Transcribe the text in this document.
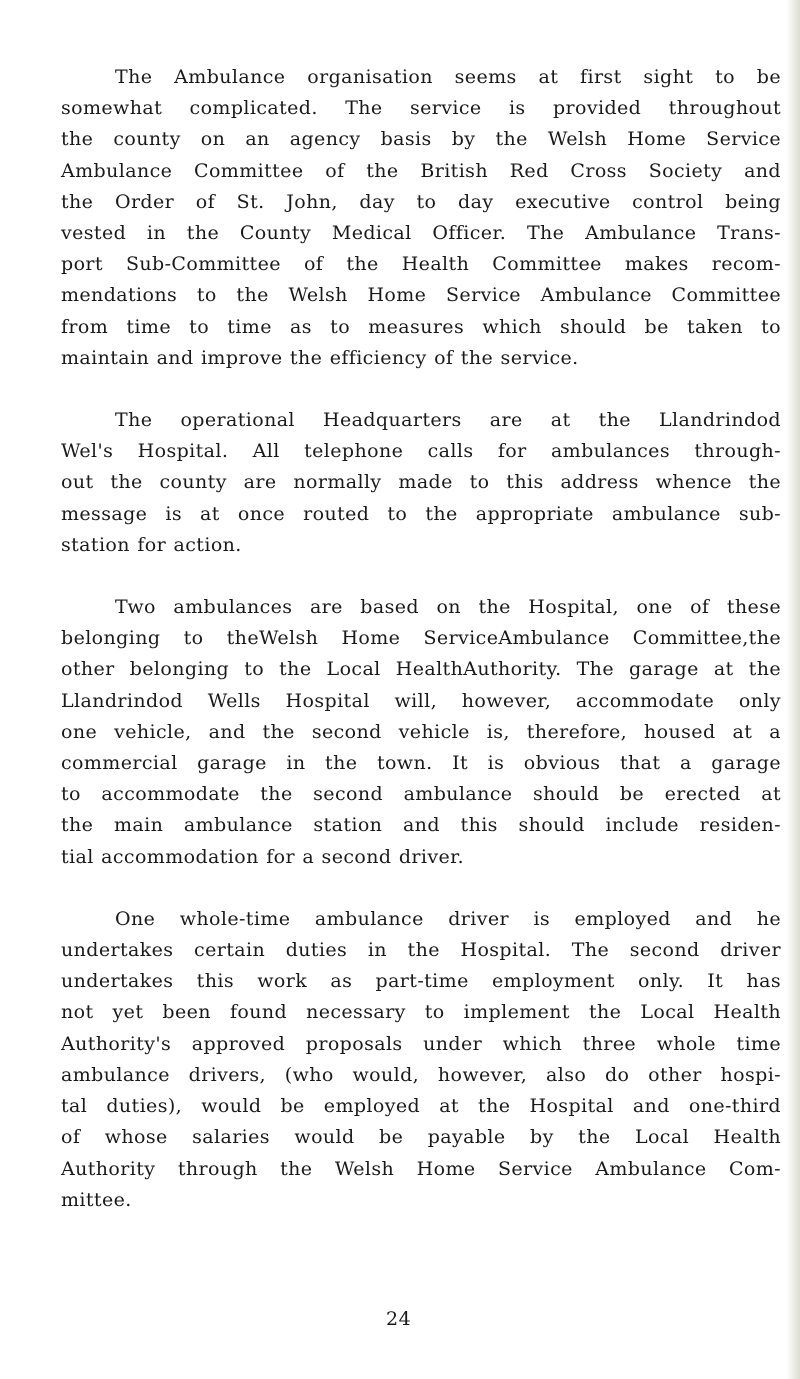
The Ambulance organisation seems at first sight to be
somewhat complicated. The service is provided throughout
the county on an agency basis by the Welsh Home Service
Ambulance Committee of the British Red Cross Society and
the Order of St. John, day to day executive control being
vested in the County Medical Officer. The Ambulance Trans-
port Sub-Committee of the Health Committee makes recom-
mendations to the Welsh Home Service Ambulance Committee
from time to time as to measures which should be taken to
maintain and improve the efficiency of the service.

The operational Headquarters are at the Llandrindod
Wel's Hospital. All telephone calls for ambulances through-
out the county are normally made to this address whence the
message is at once routed to the appropriate ambulance sub-
station for action.

Two ambulances are based on the Hospital, one of these
belonging to theWelsh Home ServiceAmbulance Committee,the
other belonging to the Local HealthAuthority. The garage at the
Llandrindod Wells Hospital will, however, accommodate only
one vehicle, and the second vehicle is, therefore, housed at a
commercial garage in the town. It is obvious that a garage
to accommodate the second ambulance should be erected at
the main ambulance station and this should include residen-
tial accommodation for a second driver.

One whole-time ambulance driver is employed and he
undertakes certain duties in the Hospital. The second driver
undertakes this work as part-time employment only. It has
not yet been found necessary to implement the Local Health
Authority's approved proposals under which three whole time
ambulance drivers, (who would, however, also do other hospi-
tal duties), would be employed at the Hospital and one-third
of whose salaries would be payable by the Local Health
Authority through the Welsh Home Service Ambulance Com-
mittee.

24
